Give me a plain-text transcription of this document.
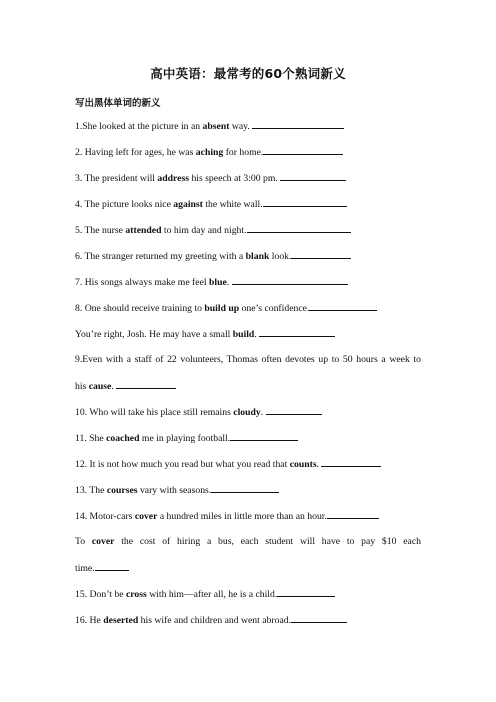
高中英语：最常考的60个熟词新义
写出黑体单词的新义
1.She looked at the picture in an absent way.
2. Having left for ages, he was aching for home.
3. The president will address his speech at 3:00 pm.
4. The picture looks nice against the white wall.
5. The nurse attended to him day and night.
6. The stranger returned my greeting with a blank look.
7. His songs always make me feel blue.
8. One should receive training to build up one’s confidence.
You’re right, Josh. He may have a small build.
9.Even with a staff of 22 volunteers, Thomas often devotes up to 50 hours a week to
his cause.
10. Who will take his place still remains cloudy.
11. She coached me in playing football.
12. It is not how much you read but what you read that counts.
13. The courses vary with seasons.
14. Motor-cars cover a hundred miles in little more than an hour.
To cover the cost of hiring a bus, each student will have to pay $10 each
time.
15. Don’t be cross with him—after all, he is a child.
16. He deserted his wife and children and went abroad.
